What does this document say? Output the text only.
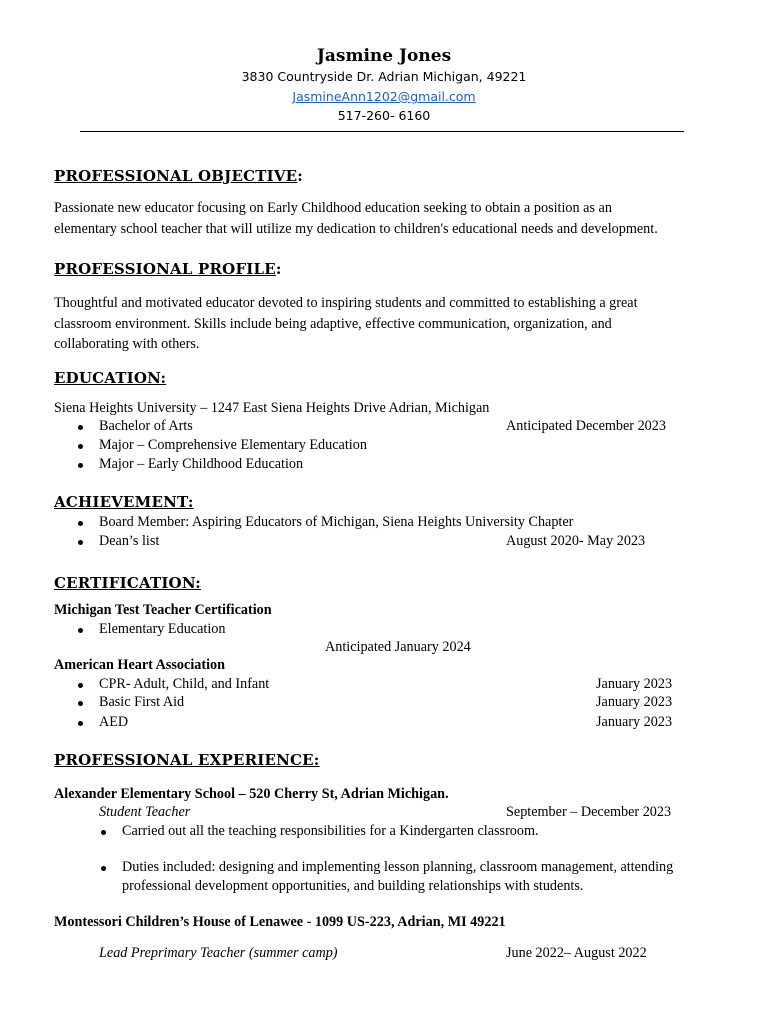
Jasmine Jones
3830 Countryside Dr. Adrian Michigan, 49221
JasmineAnn1202@gmail.com
517-260- 6160
PROFESSIONAL OBJECTIVE:
Passionate new educator focusing on Early Childhood education seeking to obtain a position as an
elementary school teacher that will utilize my dedication to children's educational needs and development.
PROFESSIONAL PROFILE:
Thoughtful and motivated educator devoted to inspiring students and committed to establishing a great
classroom environment. Skills include being adaptive, effective communication, organization, and
collaborating with others.
EDUCATION:
Siena Heights University – 1247 East Siena Heights Drive Adrian, Michigan
Bachelor of Arts	Anticipated December 2023
Major – Comprehensive Elementary Education
Major – Early Childhood Education
ACHIEVEMENT:
Board Member: Aspiring Educators of Michigan, Siena Heights University Chapter
Dean’s list	August 2020- May 2023
CERTIFICATION:
Michigan Test Teacher Certification
Elementary Education
Anticipated January 2024
American Heart Association
CPR- Adult, Child, and Infant	January 2023
Basic First Aid	January 2023
AED	January 2023
PROFESSIONAL EXPERIENCE:
Alexander Elementary School – 520 Cherry St, Adrian Michigan.
Student Teacher	September – December 2023
Carried out all the teaching responsibilities for a Kindergarten classroom.
Duties included: designing and implementing lesson planning, classroom management, attending
professional development opportunities, and building relationships with students.
Montessori Children’s House of Lenawee - 1099 US-223, Adrian, MI 49221
Lead Preprimary Teacher (summer camp)	June 2022– August 2022
